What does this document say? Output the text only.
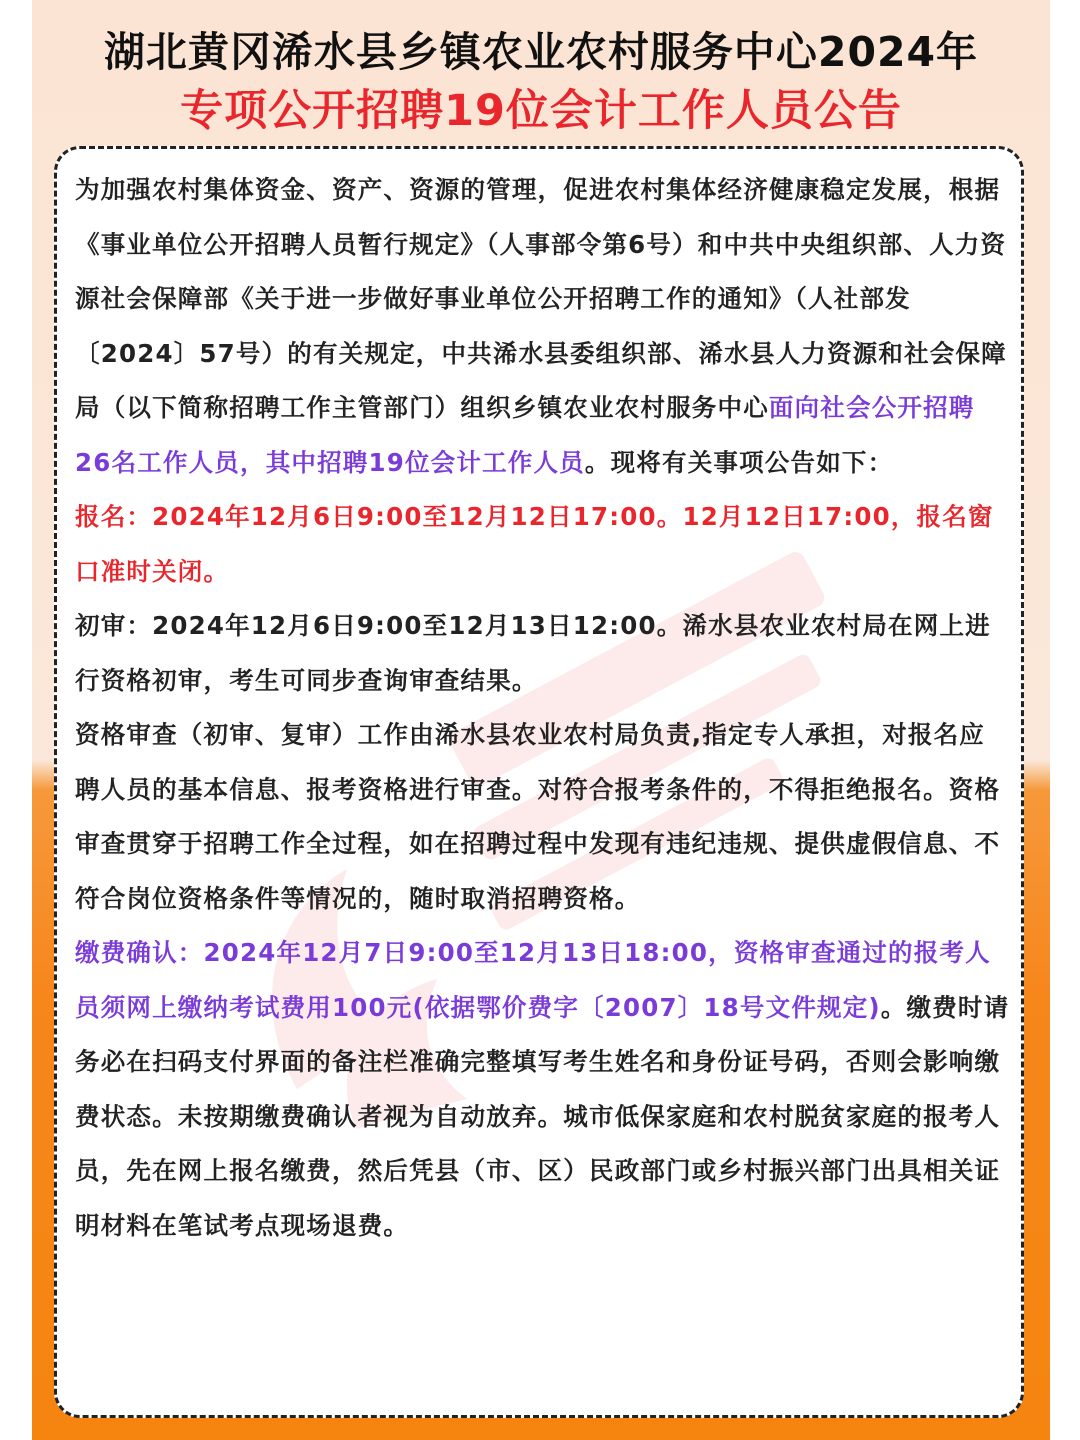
湖北黄冈浠水县乡镇农业农村服务中心2024年
专项公开招聘19位会计工作人员公告

为加强农村集体资金、资产、资源的管理，促进农村集体经济健康稳定发展，根据《事业单位公开招聘人员暂行规定》（人事部令第6号）和中共中央组织部、人力资源社会保障部《关于进一步做好事业单位公开招聘工作的通知》（人社部发〔2024〕57号）的有关规定，中共浠水县委组织部、浠水县人力资源和社会保障局（以下简称招聘工作主管部门）组织乡镇农业农村服务中心面向社会公开招聘26名工作人员，其中招聘19位会计工作人员。现将有关事项公告如下：

报名：2024年12月6日9:00至12月12日17:00。12月12日17:00，报名窗口准时关闭。

初审：2024年12月6日9:00至12月13日12:00。浠水县农业农村局在网上进行资格初审，考生可同步查询审查结果。

资格审查（初审、复审）工作由浠水县农业农村局负责,指定专人承担，对报名应聘人员的基本信息、报考资格进行审查。对符合报考条件的，不得拒绝报名。资格审查贯穿于招聘工作全过程，如在招聘过程中发现有违纪违规、提供虚假信息、不符合岗位资格条件等情况的，随时取消招聘资格。

缴费确认：2024年12月7日9:00至12月13日18:00，资格审查通过的报考人员须网上缴纳考试费用100元(依据鄂价费字〔2007〕18号文件规定)。缴费时请务必在扫码支付界面的备注栏准确完整填写考生姓名和身份证号码，否则会影响缴费状态。未按期缴费确认者视为自动放弃。城市低保家庭和农村脱贫家庭的报考人员，先在网上报名缴费，然后凭县（市、区）民政部门或乡村振兴部门出具相关证明材料在笔试考点现场退费。
